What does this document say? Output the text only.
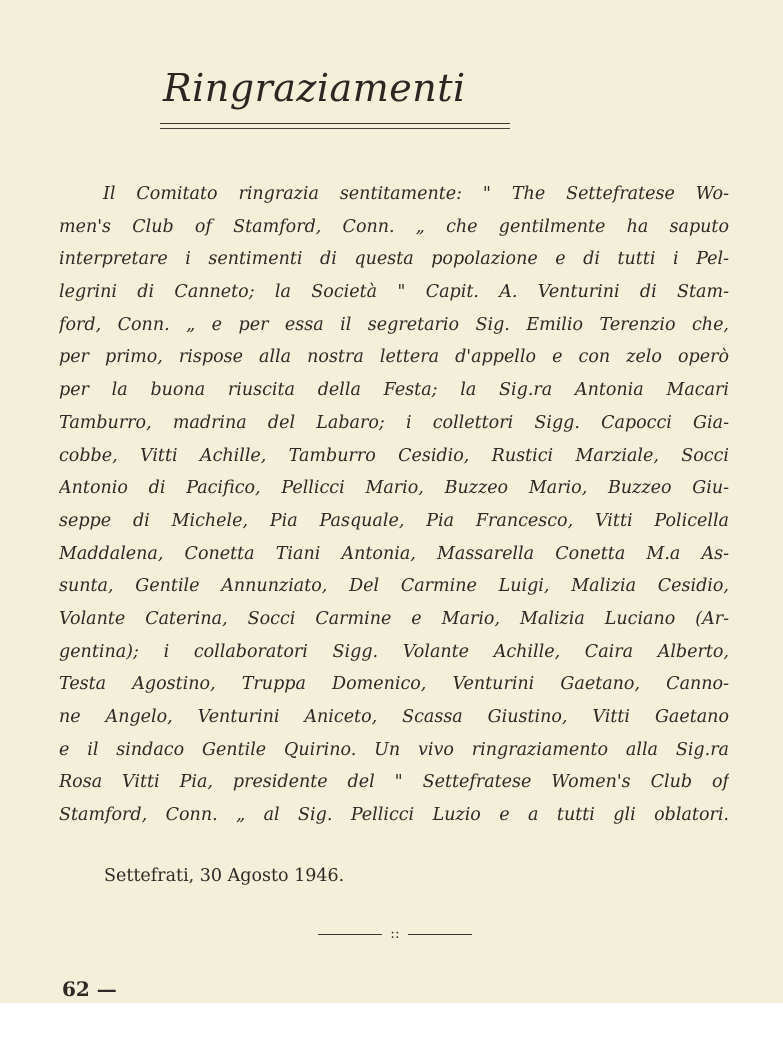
Ringraziamenti

Il Comitato ringrazia sentitamente: " The Settefratese Wo-
men's Club of Stamford, Conn. „ che gentilmente ha saputo
interpretare i sentimenti di questa popolazione e di tutti i Pel-
legrini di Canneto; la Società " Capit. A. Venturini di Stam-
ford, Conn. „ e per essa il segretario Sig. Emilio Terenzio che,
per primo, rispose alla nostra lettera d'appello e con zelo operò
per la buona riuscita della Festa; la Sig.ra Antonia Macari
Tamburro, madrina del Labaro; i collettori Sigg. Capocci Gia-
cobbe, Vitti Achille, Tamburro Cesidio, Rustici Marziale, Socci
Antonio di Pacifico, Pellicci Mario, Buzzeo Mario, Buzzeo Giu-
seppe di Michele, Pia Pasquale, Pia Francesco, Vitti Policella
Maddalena, Conetta Tiani Antonia, Massarella Conetta M.a As-
sunta, Gentile Annunziato, Del Carmine Luigi, Malizia Cesidio,
Volante Caterina, Socci Carmine e Mario, Malizia Luciano (Ar-
gentina); i collaboratori Sigg. Volante Achille, Caira Alberto,
Testa Agostino, Truppa Domenico, Venturini Gaetano, Canno-
ne Angelo, Venturini Aniceto, Scassa Giustino, Vitti Gaetano
e il sindaco Gentile Quirino. Un vivo ringraziamento alla Sig.ra
Rosa Vitti Pia, presidente del " Settefratese Women's Club of
Stamford, Conn. „ al Sig. Pellicci Luzio e a tutti gli oblatori.

Settefrati, 30 Agosto 1946.
::
62 —
